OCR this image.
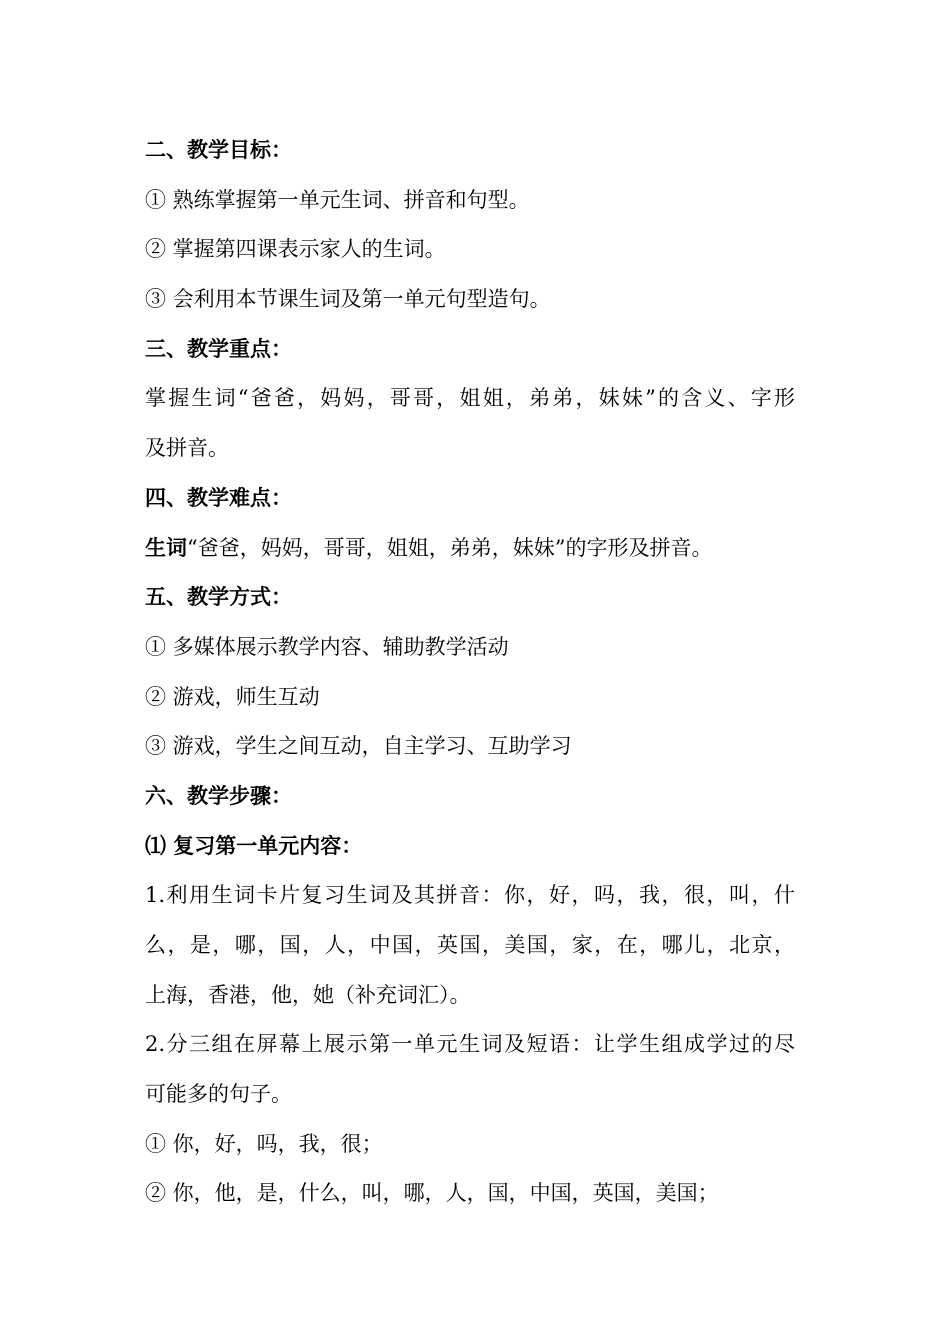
二、教学目标：
① 熟练掌握第一单元生词、拼音和句型。
② 掌握第四课表示家人的生词。
③ 会利用本节课生词及第一单元句型造句。
三、教学重点：
掌握生词“爸爸，妈妈，哥哥，姐姐，弟弟，妹妹”的含义、字形
及拼音。
四、教学难点：
生词“爸爸，妈妈，哥哥，姐姐，弟弟，妹妹”的字形及拼音。
五、教学方式：
① 多媒体展示教学内容、辅助教学活动
② 游戏，师生互动
③ 游戏，学生之间互动，自主学习、互助学习
六、教学步骤：
⑴ 复习第一单元内容：
1.利用生词卡片复习生词及其拼音：你，好，吗，我，很，叫，什
么，是，哪，国，人，中国，英国，美国，家，在，哪儿，北京，
上海，香港，他，她（补充词汇）。
2.分三组在屏幕上展示第一单元生词及短语：让学生组成学过的尽
可能多的句子。
① 你，好，吗，我，很；
② 你，他，是，什么，叫，哪，人，国，中国，英国，美国；
